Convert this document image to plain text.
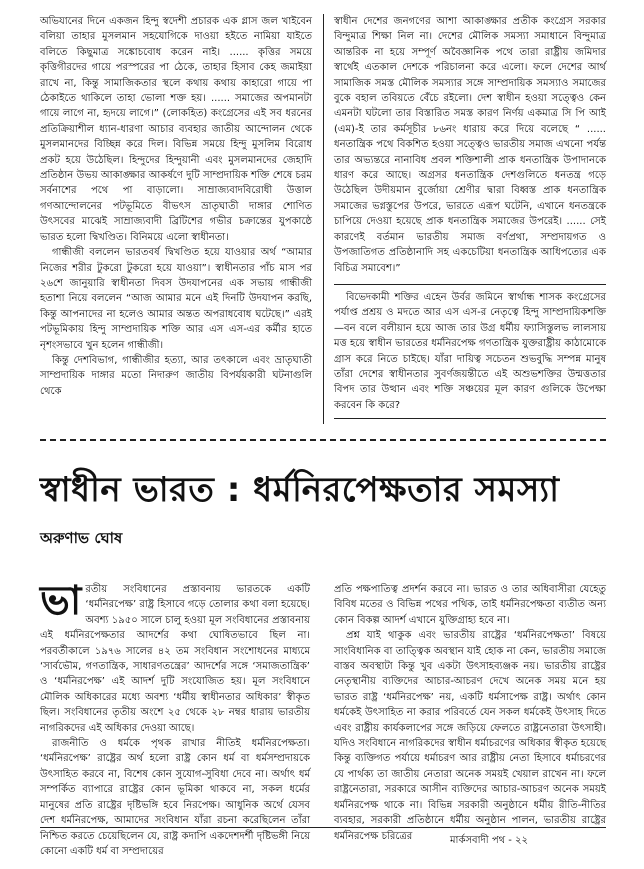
অভিযানের দিনে একজন হিন্দু স্বদেশী প্রচারক এক গ্লাস জল খাইবেন বলিয়া তাহার মুসলমান সহযোগিকে দাওয়া হইতে নামিয়া যাইতে বলিতে কিছুমাত্র সঙ্কোচবোধ করেন নাই। ...... কৃত্তির সময়ে কৃত্তিগীরদের গায়ে পরস্পরের পা ঠেকে, তাহার হিসাব কেহ জমাইয়া রাখে না, কিন্তু সামাজিকতার স্থলে কথায় কথায় কাহারো গায়ে পা ঠেকাইতে থাকিলে তাহা ভোলা শক্ত হয়। ...... সমাজের অপমানটা গায়ে লাগে না, হৃদয়ে লাগে।” (লোকহিত) কংগ্রেসের এই সব ধরনের প্রতিক্রিয়াশীল ধ্যান-ধারণা আচার ব্যবহার জাতীয় আন্দোলন থেকে মুসলমানদের বিচ্ছিন্ন করে দিল। বিভিন্ন সময়ে হিন্দু মুসলিম বিরোধ প্রকট হয়ে উঠেছিল। হিন্দুদের হিন্দুয়ানী এবং মুসলমানদের জেহাদি প্রতিষ্ঠান উভয় আকাঙ্ক্ষার আকর্ষণে দুটি সাম্প্রদায়িক শক্তি শেষে চরম সর্বনাশের পথে পা বাড়ালো। সাম্রাজ্যবাদবিরোধী উত্তাল গণআন্দোলনের পটভূমিতে বীভৎস ভ্রাতৃঘাতী দাঙ্গার শোণিত উৎসবের মাঝেই সাম্রাজ্যবাদী ব্রিটিশের গভীর চক্রান্তের যুপকাষ্ঠে ভারত হলো দ্বিখণ্ডিত। বিনিময়ে এলো স্বাধীনতা।

গান্ধীজী বললেন ভারতবর্ষ দ্বিখণ্ডিত হয়ে যাওয়ার অর্থ “আমার নিজের শরীর টুকরো টুকরো হয়ে যাওয়া”। স্বাধীনতার পাঁচ মাস পর ২৬শে জানুয়ারি স্বাধীনতা দিবস উদযাপনের এক সভায় গান্ধীজী হতাশা নিয়ে বললেন “আজ আমার মনে এই দিনটি উদযাপন করছি, কিন্তু আপনাদের না হলেও আমার অন্তত অপরাধবোধ ঘটেছে।” এরই পটভূমিকায় হিন্দু সাম্প্রদায়িক শক্তি আর এস এস-এর কর্মীর হাতে নৃশংসভাবে খুন হলেন গান্ধীজী।

কিন্তু দেশবিভাগ, গান্ধীজীর হত্যা, আর তৎকালে এবং ভ্রাতৃঘাতী সাম্প্রদায়িক দাঙ্গার মতো নিদারুণ জাতীয় বিপর্যয়কারী ঘটনাগুলি থেকে

স্বাধীন দেশের জনগণের আশা আকাঙ্ক্ষার প্রতীক কংগ্রেস সরকার বিন্দুমাত্র শিক্ষা নিল না। দেশের মৌলিক সমস্যা সমাধানে বিন্দুমাত্র আন্তরিক না হয়ে সম্পূর্ণ অবৈজ্ঞানিক পথে তারা রাষ্ট্রীয় জমিদার স্বার্থেই এতকাল দেশকে পরিচালনা করে এলো। ফলে দেশের আর্থ সামাজিক সমস্ত মৌলিক সমস্যার সঙ্গে সাম্প্রদায়িক সমস্যাও সমাজের বুকে বহাল তবিয়তে বেঁচে রইলো। দেশ স্বাধীন হওয়া সত্ত্বেও কেন এমনটা ঘটলো তার বিস্তারিত সমস্ত কারণ নির্ণয় একমাত্র সি পি আই (এম)-ই তার কর্মসূচীর ৮৬নং ধারায় করে দিয়ে বলেছে “ ...... ধনতান্ত্রিক পথে বিকশিত হওয়া সত্ত্বেও ভারতীয় সমাজ এখনো পর্যন্ত তার অভ্যন্তরে নানাবিধ প্রবল শক্তিশালী প্রাক ধনতান্ত্রিক উপাদানকে ধারণ করে আছে। অগ্রসর ধনতান্ত্রিক দেশগুলিতে ধনতন্ত্র গড়ে উঠেছিল উদীয়মান বুর্জোয়া শ্রেণীর দ্বারা বিধ্বস্ত প্রাক ধনতান্ত্রিক সমাজের ভগ্নস্তুপের উপরে, ভারতে এরূপ ঘটেনি, এখানে ধনতন্ত্রকে চাপিয়ে দেওয়া হয়েছে প্রাক ধনতান্ত্রিক সমাজের উপরেই। ...... সেই কারণেই বর্তমান ভারতীয় সমাজ বর্ণপ্রথা, সম্প্রদায়গত ও উপজাতিগত প্রতিষ্ঠানাদি সহ একচেটিয়া ধনতান্ত্রিক আধিপত্যের এক বিচিত্র সমাবেশ।”

বিভেদকামী শক্তির এহেন উর্বর জমিনে স্বার্থান্ধ শাসক কংগ্রেসের পর্যাপ্ত প্রশ্রয় ও মদতে আর এস এস-র নেতৃত্বে হিন্দু সাম্প্রদায়িকশক্তি—বন বলে বলীয়ান হয়ে আজ তার উগ্র ধর্মীয় ফ্যাসিস্তুলভ লালসায় মত্ত হয়ে স্বাধীন ভারতের ধর্মনিরপেক্ষ গণতান্ত্রিক যুক্তরাষ্ট্রীয় কাঠামোকে গ্রাস করে নিতে চাইছে। যাঁরা দায়িত্ব সচেতন শুভবুদ্ধি সম্পন্ন মানুষ তাঁরা দেশের স্বাধীনতার সুবর্ণজয়ন্তীতে এই অশুভশক্তির উন্মত্ততার বিপদ তার উত্থান এবং শক্তি সঞ্চয়ের মূল কারণ গুলিকে উপেক্ষা করবেন কি করে?

স্বাধীন ভারত : ধর্মনিরপেক্ষতার সমস্যা
অরুণাভ ঘোষ

ভারতীয় সংবিধানের প্রস্তাবনায় ভারতকে একটি ‘ধর্মনিরপেক্ষ’ রাষ্ট্র হিসাবে গড়ে তোলার কথা বলা হয়েছে। অবশ্য ১৯৫০ সালে চালু হওয়া মূল সংবিধানের প্রস্তাবনায় এই ধর্মনিরপেক্ষতার আদর্শের কথা ঘোষিতভাবে ছিল না। পরবর্তীকালে ১৯৭৬ সালের ৪২ তম সংবিধান সংশোধনের মাধ্যমে ‘সার্বভৌম, গণতান্ত্রিক, সাধারণতন্ত্রের’ আদর্শের সঙ্গে ‘সমাজতান্ত্রিক’ ও ‘ধর্মনিরপেক্ষ’ এই আদর্শ দুটি সংযোজিত হয়। মূল সংবিধানে মৌলিক অধিকারের মধ্যে অবশ্য ‘ধর্মীয় স্বাধীনতার অধিকার’ স্বীকৃত ছিল। সংবিধানের তৃতীয় অংশে ২৫ থেকে ২৮ নম্বর ধারায় ভারতীয় নাগরিকদের এই অধিকার দেওয়া আছে।

রাজনীতি ও ধর্মকে পৃথক রাখার নীতিই ধর্মনিরপেক্ষতা। ‘ধর্মনিরপেক্ষ’ রাষ্ট্রের অর্থ হলো রাষ্ট্র কোন ধর্ম বা ধর্মসম্প্রদায়কে উৎসাহিত করবে না, বিশেষ কোন সুযোগ-সুবিধা দেবে না। অর্থাৎ ধর্ম সম্পর্কিত ব্যাপারে রাষ্ট্রের কোন ভূমিকা থাকবে না, সকল ধর্মের মানুষের প্রতি রাষ্ট্রের দৃষ্টিভঙ্গি হবে নিরপেক্ষ। আধুনিক অর্থে যেসব দেশ ধর্মনিরপেক্ষ, আমাদের সংবিধান যাঁরা রচনা করেছিলেন তাঁরা নিশ্চিত করতে চেয়েছিলেন যে, রাষ্ট্র কদাপি একদেশদর্শী দৃষ্টিভঙ্গী নিয়ে কোনো একটি ধর্ম বা সম্প্রদায়ের

প্রতি পক্ষপাতিত্ব প্রদর্শন করবে না। ভারত ও তার অধিবাসীরা যেহেতু বিবিধ মতের ও বিভিন্ন পথের পথিক, তাই ধর্মনিরপেক্ষতা ব্যতীত অন্য কোন বিকল্প আদর্শ এখানে যুক্তিগ্রাহ্য হবে না।

প্রশ্ন যাই থাকুক এবং ভারতীয় রাষ্ট্রের ‘ধর্মনিরপেক্ষতা’ বিষয়ে সাংবিধানিক বা তাত্ত্বিক অবস্থান যাই হোক না কেন, ভারতীয় সমাজে বাস্তব অবস্থাটা কিন্তু খুব একটা উৎসাহব্যঞ্জক নয়। ভারতীয় রাষ্ট্রের নেতৃস্থানীয় ব্যক্তিদের আচার-আচরণ দেখে অনেক সময় মনে হয় ভারত রাষ্ট্র ‘ধর্মনিরপেক্ষ’ নয়, একটি ধর্মসাপেক্ষ রাষ্ট্র। অর্থাৎ কোন ধর্মকেই উৎসাহিত না করার পরিবর্তে যেন সকল ধর্মকেই উৎসাহ দিতে এবং রাষ্ট্রীয় কার্যকলাপের সঙ্গে জড়িয়ে ফেলতে রাষ্ট্রনেতারা উৎসাহী। যদিও সংবিধানে নাগরিকদের স্বাধীন ধর্মাচরণের অধিকার স্বীকৃত হয়েছে কিন্তু ব্যক্তিগত পর্যায়ে ধর্মাচরণ আর রাষ্ট্রীয় নেতা হিসাবে ধর্মাচরণের যে পার্থক্য তা জাতীয় নেতারা অনেক সময়ই খেয়াল রাখেন না। ফলে রাষ্ট্রনেতারা, সরকারে আসীন ব্যক্তিদের আচার-আচরণ অনেক সময়ই ধর্মনিরপেক্ষ থাকে না। বিভিন্ন সরকারী অনুষ্ঠানে ধর্মীয় রীতি-নীতির ব্যবহার, সরকারী প্রতিষ্ঠানে ধর্মীয় অনুষ্ঠান পালন, ভারতীয় রাষ্ট্রের ধর্মনিরপেক্ষ চরিত্রের	মার্কসবাদী পথ - ২২
